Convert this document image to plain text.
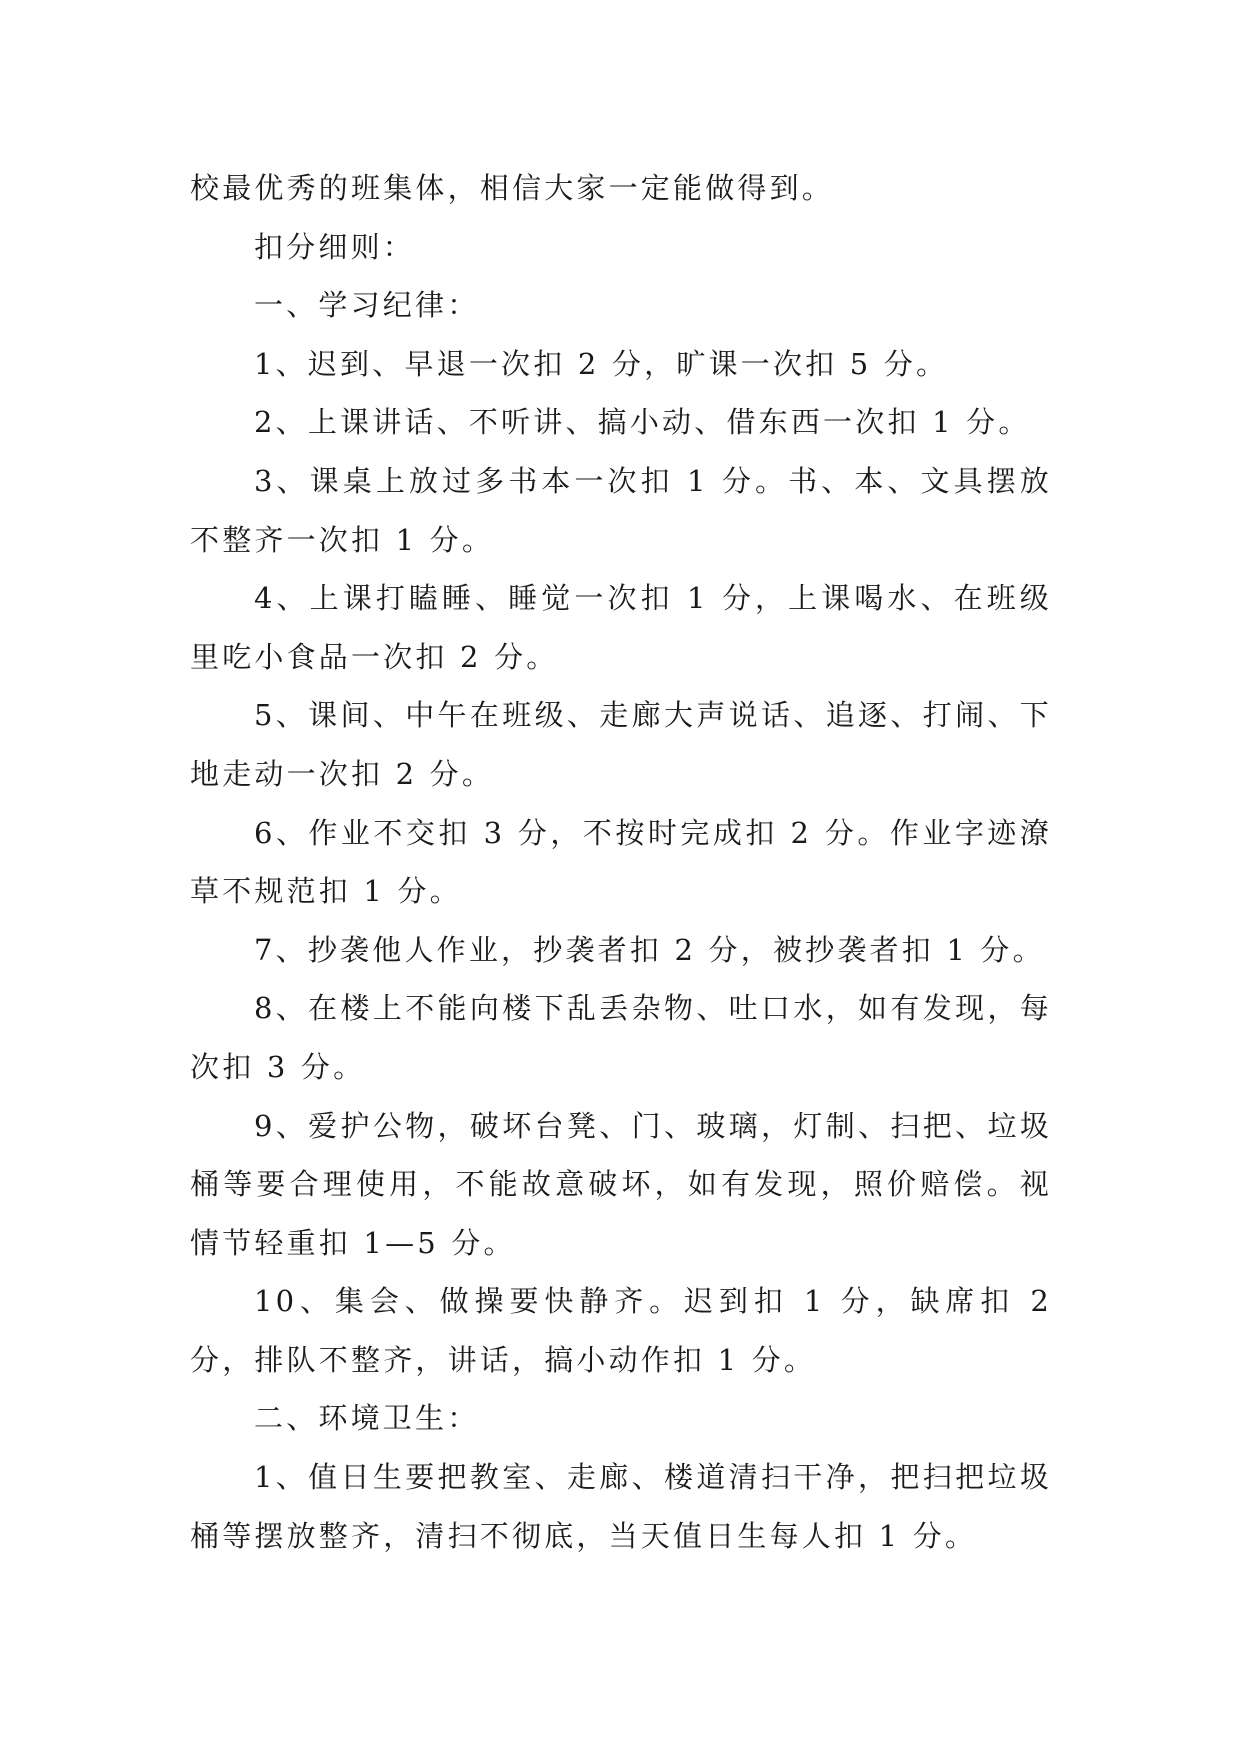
校最优秀的班集体，相信大家一定能做得到。

扣分细则：

一、学习纪律：

1、迟到、早退一次扣 2 分，旷课一次扣 5 分。

2、上课讲话、不听讲、搞小动、借东西一次扣 1 分。

3、课桌上放过多书本一次扣 1 分。书、本、文具摆放不整齐一次扣 1 分。

4、上课打瞌睡、睡觉一次扣 1 分，上课喝水、在班级里吃小食品一次扣 2 分。

5、课间、中午在班级、走廊大声说话、追逐、打闹、下地走动一次扣 2 分。

6、作业不交扣 3 分，不按时完成扣 2 分。作业字迹潦草不规范扣 1 分。

7、抄袭他人作业，抄袭者扣 2 分，被抄袭者扣 1 分。

8、在楼上不能向楼下乱丢杂物、吐口水，如有发现，每次扣 3 分。

9、爱护公物，破坏台凳、门、玻璃，灯制、扫把、垃圾桶等要合理使用，不能故意破坏，如有发现，照价赔偿。视情节轻重扣 1—5 分。

10、集会、做操要快静齐。迟到扣 1 分，缺席扣 2 分，排队不整齐，讲话，搞小动作扣 1 分。

二、环境卫生：

1、值日生要把教室、走廊、楼道清扫干净，把扫把垃圾桶等摆放整齐，清扫不彻底，当天值日生每人扣 1 分。
